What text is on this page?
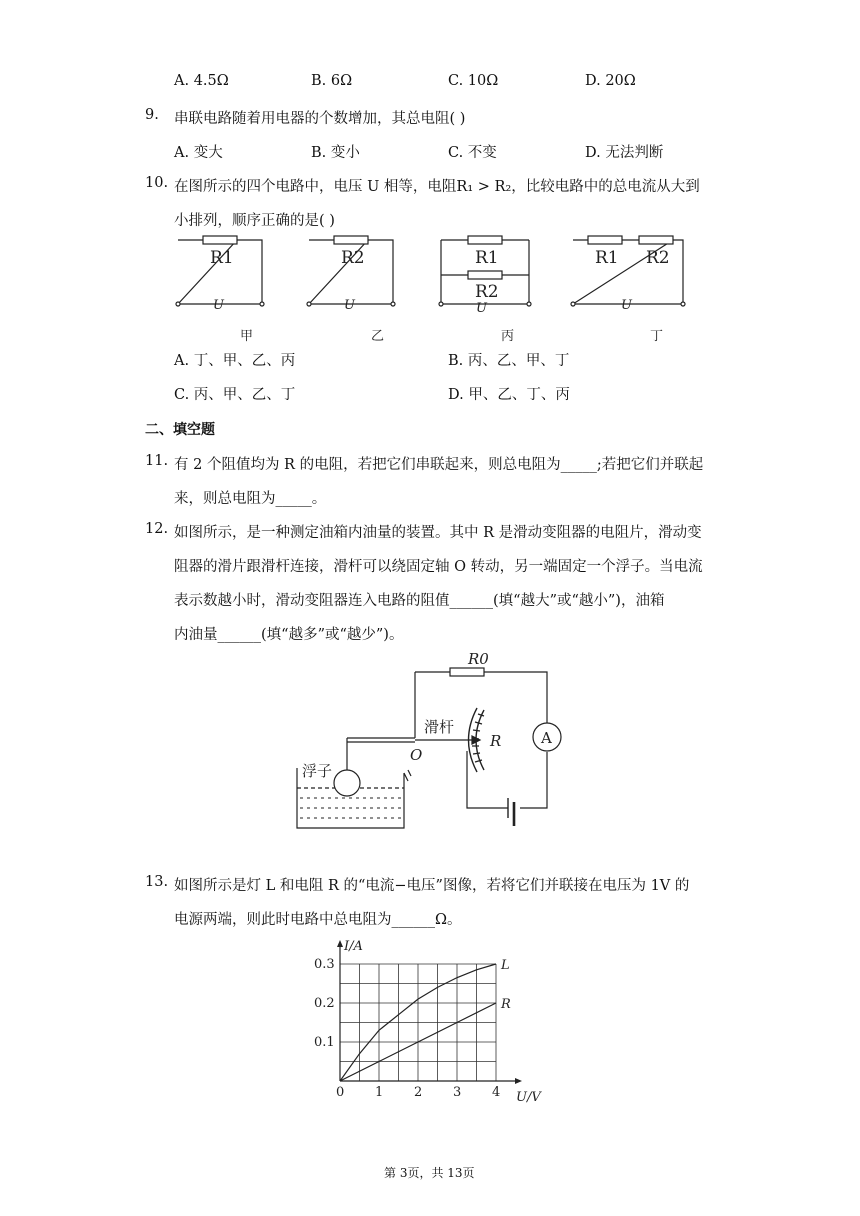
A. 4.5Ω	B. 6Ω	C. 10Ω	D. 20Ω
9. 串联电路随着用电器的个数增加，其总电阻( )
A. 变大	B. 变小	C. 不变	D. 无法判断
10. 在图所示的四个电路中，电压 U 相等，电阻R₁ > R₂，比较电路中的总电流从大到
小排列，顺序正确的是( )
R1
U
R2
U
R1
R2
U
R1 R2
U
甲	乙	丙	丁
A. 丁、甲、乙、丙	B. 丙、乙、甲、丁
C. 丙、甲、乙、丁	D. 甲、乙、丁、丙
二、填空题
11. 有 2 个阻值均为 R 的电阻，若把它们串联起来，则总电阻为_____;若把它们并联起
来，则总电阻为_____。
12. 如图所示，是一种测定油箱内油量的装置。其中 R 是滑动变阻器的电阻片，滑动变
阻器的滑片跟滑杆连接，滑杆可以绕固定轴 O 转动，另一端固定一个浮子。当电流
表示数越小时，滑动变阻器连入电路的阻值______(填“越大”或“越小”)，油箱
内油量______(填“越多”或“越少”)。
R0
A
R
O
滑杆
浮子
13. 如图所示是灯 L 和电阻 R 的“电流−电压”图像，若将它们并联接在电压为 1V 的
电源两端，则此时电路中总电阻为______Ω。
0 1 2 3 4
0.1
0.2
0.3	L
R
I/A
U/V
第 3页，共 13页
